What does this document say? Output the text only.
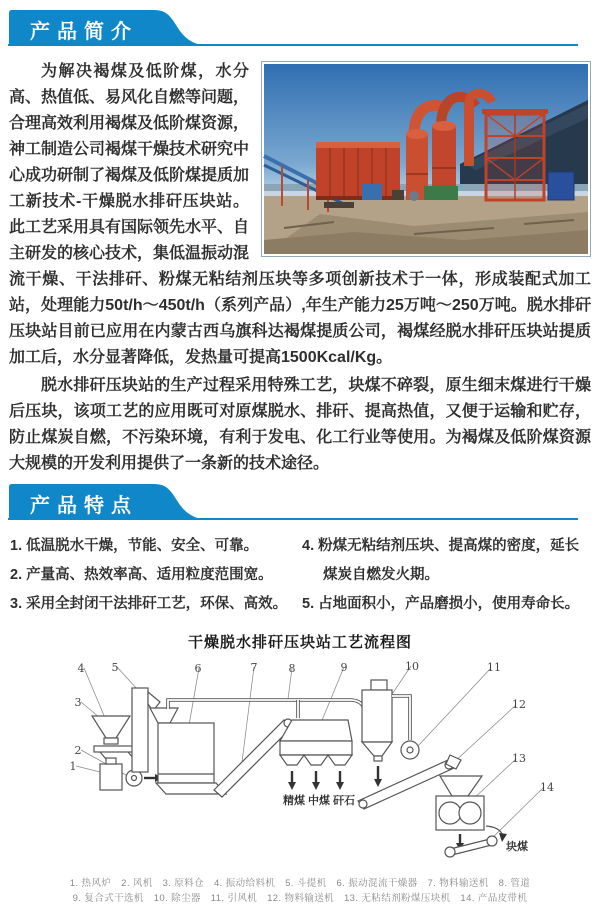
产品简介

为解决褐煤及低阶煤，水分高、热值低、易风化自燃等问题，合理高效利用褐煤及低阶煤资源，神工制造公司褐煤干燥技术研究中心成功研制了褐煤及低阶煤提质加工新技术-干燥脱水排矸压块站。此工艺采用具有国际领先水平、自主研发的核心技术，集低温振动混流干燥、干法排矸、粉煤无粘结剂压块等多项创新技术于一体，形成装配式加工站，处理能力50t/h～450t/h（系列产品）,年生产能力25万吨～250万吨。脱水排矸压块站目前已应用在内蒙古西乌旗科达褐煤提质公司，褐煤经脱水排矸压块站提质加工后，水分显著降低，发热量可提高1500Kcal/Kg。

脱水排矸压块站的生产过程采用特殊工艺，块煤不碎裂，原生细末煤进行干燥后压块，该项工艺的应用既可对原煤脱水、排矸、提高热值，又便于运输和贮存，防止煤炭自燃，不污染环境，有利于发电、化工行业等使用。为褐煤及低阶煤资源大规模的开发利用提供了一条新的技术途径。

产品特点
1. 低温脱水干燥，节能、安全、可靠。
2. 产量高、热效率高、适用粒度范围宽。
3. 采用全封闭干法排矸工艺，环保、高效。
4. 粉煤无粘结剂压块、提高煤的密度，延长煤炭自燃发火期。
5. 占地面积小，产品磨损小，使用寿命长。
干燥脱水排矸压块站工艺流程图
1
2
3
4 5	6	7	8	9	10	11
12
13
14
精煤 中煤 矸石
块煤
1. 热风炉　2. 风机　3. 原料仓　4. 振动给料机　5. 斗提机　6. 振动混流干燥器　7. 物料输送机　8. 管道
9. 复合式干选机　10. 除尘器　11. 引风机　12. 物料输送机　13. 无粘结剂粉煤压块机　14. 产品皮带机
